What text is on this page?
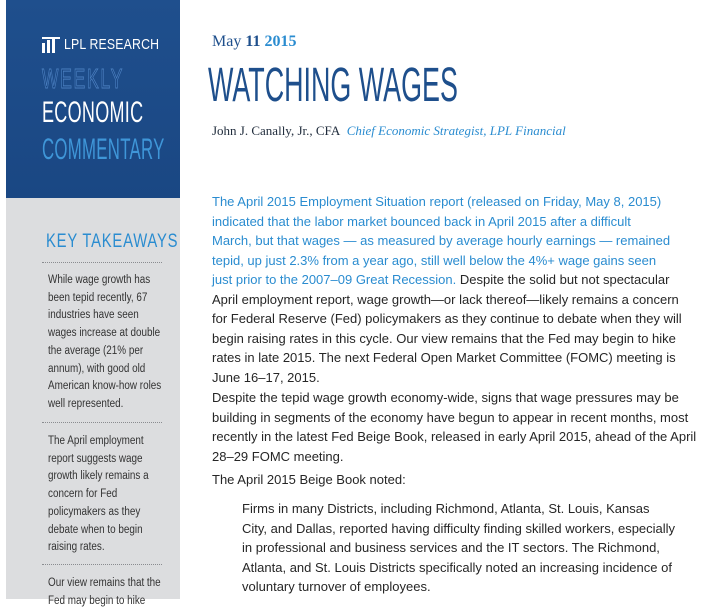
LPL RESEARCH
WEEKLY
ECONOMIC
COMMENTARY
KEY TAKEAWAYS
While wage growth has
been tepid recently, 67
industries have seen
wages increase at double
the average (21% per
annum), with good old
American know-how roles
well represented.
The April employment
report suggests wage
growth likely remains a
concern for Fed
policymakers as they
debate when to begin
raising rates.
Our view remains that the
Fed may begin to hike
May 11 2015
WATCHING WAGES
John J. Canally, Jr., CFA Chief Economic Strategist, LPL Financial
The April 2015 Employment Situation report (released on Friday, May 8, 2015)
indicated that the labor market bounced back in April 2015 after a difficult
March, but that wages — as measured by average hourly earnings — remained
tepid, up just 2.3% from a year ago, still well below the 4%+ wage gains seen
just prior to the 2007–09 Great Recession. Despite the solid but not spectacular
April employment report, wage growth—or lack thereof—likely remains a concern
for Federal Reserve (Fed) policymakers as they continue to debate when they will
begin raising rates in this cycle. Our view remains that the Fed may begin to hike
rates in late 2015. The next Federal Open Market Committee (FOMC) meeting is
June 16–17, 2015.
Despite the tepid wage growth economy-wide, signs that wage pressures may be
building in segments of the economy have begun to appear in recent months, most
recently in the latest Fed Beige Book, released in early April 2015, ahead of the April
28–29 FOMC meeting.
The April 2015 Beige Book noted:
Firms in many Districts, including Richmond, Atlanta, St. Louis, Kansas
City, and Dallas, reported having difficulty finding skilled workers, especially
in professional and business services and the IT sectors. The Richmond,
Atlanta, and St. Louis Districts specifically noted an increasing incidence of
voluntary turnover of employees.
